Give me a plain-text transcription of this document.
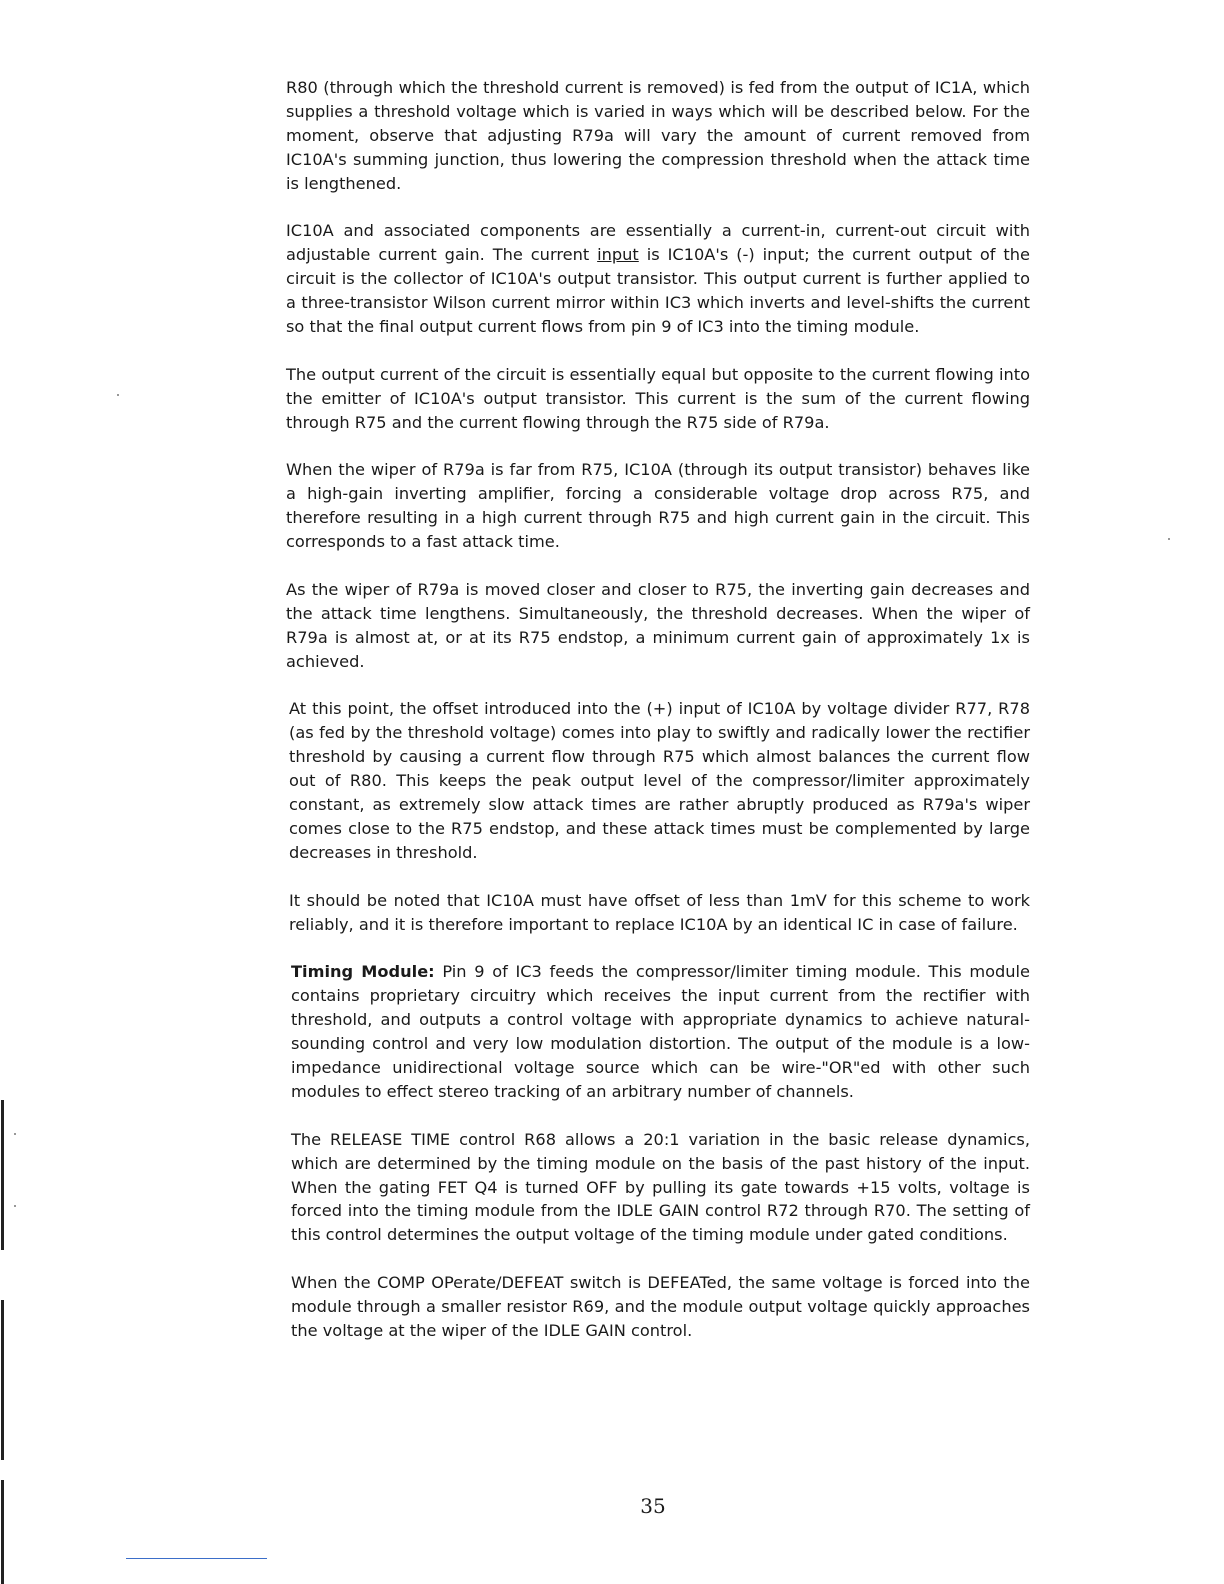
R80 (through which the threshold current is removed) is fed from the output of IC1A, which supplies a threshold voltage which is varied in ways which will be described below. For the moment, observe that adjusting R79a will vary the amount of current removed from IC10A's summing junction, thus lowering the compression threshold when the attack time is lengthened.

IC10A and associated components are essentially a current-in, current-out circuit with adjustable current gain. The current input is IC10A's (-) input; the current output of the circuit is the collector of IC10A's output transistor. This output current is further applied to a three-transistor Wilson current mirror within IC3 which inverts and level-shifts the current so that the final output current flows from pin 9 of IC3 into the timing module.

The output current of the circuit is essentially equal but opposite to the current flowing into the emitter of IC10A's output transistor. This current is the sum of the current flowing through R75 and the current flowing through the R75 side of R79a.

When the wiper of R79a is far from R75, IC10A (through its output transistor) behaves like a high-gain inverting amplifier, forcing a considerable voltage drop across R75, and therefore resulting in a high current through R75 and high current gain in the circuit. This corresponds to a fast attack time.

As the wiper of R79a is moved closer and closer to R75, the inverting gain decreases and the attack time lengthens. Simultaneously, the threshold decreases. When the wiper of R79a is almost at, or at its R75 endstop, a minimum current gain of approximately 1x is achieved.

At this point, the offset introduced into the (+) input of IC10A by voltage divider R77, R78 (as fed by the threshold voltage) comes into play to swiftly and radically lower the rectifier threshold by causing a current flow through R75 which almost balances the current flow out of R80. This keeps the peak output level of the compressor/limiter approximately constant, as extremely slow attack times are rather abruptly produced as R79a's wiper comes close to the R75 endstop, and these attack times must be complemented by large decreases in threshold.

It should be noted that IC10A must have offset of less than 1mV for this scheme to work reliably, and it is therefore important to replace IC10A by an identical IC in case of failure.

Timing Module: Pin 9 of IC3 feeds the compressor/limiter timing module. This module contains proprietary circuitry which receives the input current from the rectifier with threshold, and outputs a control voltage with appropriate dynamics to achieve natural-sounding control and very low modulation distortion. The output of the module is a low-impedance unidirectional voltage source which can be wire-"OR"ed with other such modules to effect stereo tracking of an arbitrary number of channels.

The RELEASE TIME control R68 allows a 20:1 variation in the basic release dynamics, which are determined by the timing module on the basis of the past history of the input. When the gating FET Q4 is turned OFF by pulling its gate towards +15 volts, voltage is forced into the timing module from the IDLE GAIN control R72 through R70. The setting of this control determines the output voltage of the timing module under gated conditions.

When the COMP OPerate/DEFEAT switch is DEFEATed, the same voltage is forced into the module through a smaller resistor R69, and the module output voltage quickly approaches the voltage at the wiper of the IDLE GAIN control.

35
